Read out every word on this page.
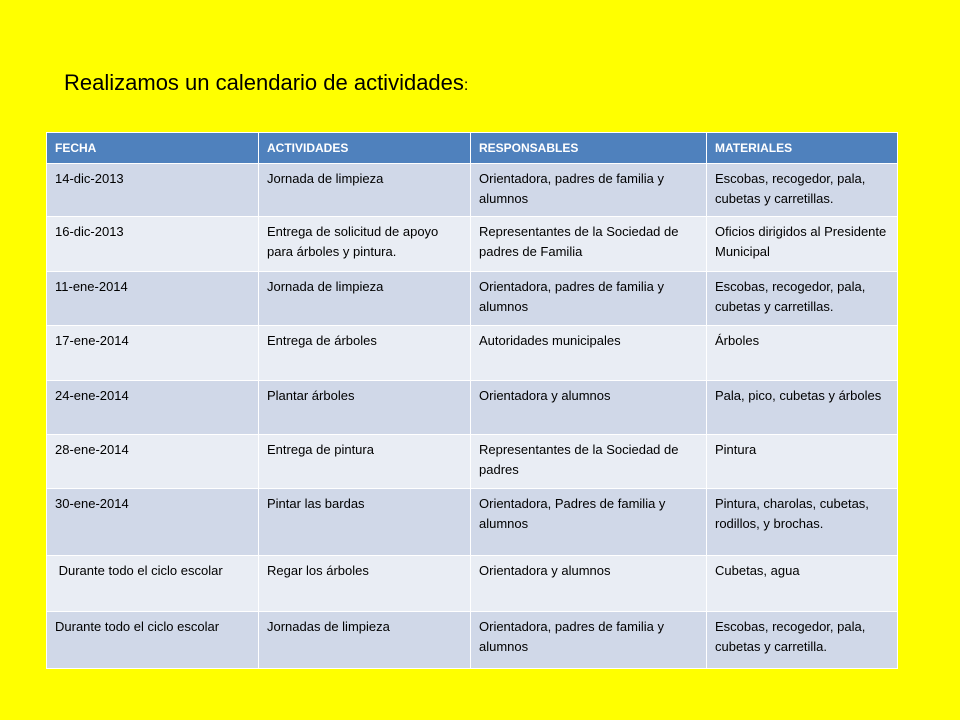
Realizamos un calendario de actividades:
FECHA	ACTIVIDADES	RESPONSABLES	MATERIALES
14-dic-2013	Jornada de limpieza	Orientadora, padres de familia y alumnos	Escobas, recogedor, pala, cubetas y carretillas.
16-dic-2013	Entrega de solicitud de apoyo para árboles y pintura.	Representantes de la Sociedad de padres de Familia	Oficios dirigidos al Presidente Municipal
11-ene-2014	Jornada de limpieza	Orientadora, padres de familia y alumnos	Escobas, recogedor, pala, cubetas y carretillas.
17-ene-2014	Entrega de árboles	Autoridades municipales	Árboles
24-ene-2014	Plantar árboles	Orientadora y alumnos	Pala, pico, cubetas y árboles
28-ene-2014	Entrega de pintura	Representantes de la Sociedad de padres	Pintura
30-ene-2014	Pintar las bardas	Orientadora, Padres de familia y alumnos	Pintura, charolas, cubetas, rodillos, y brochas.
Durante todo el ciclo escolar	Regar los árboles	Orientadora y alumnos	Cubetas, agua
Durante todo el ciclo escolar	Jornadas de limpieza	Orientadora, padres de familia y alumnos	Escobas, recogedor, pala, cubetas y carretilla.
